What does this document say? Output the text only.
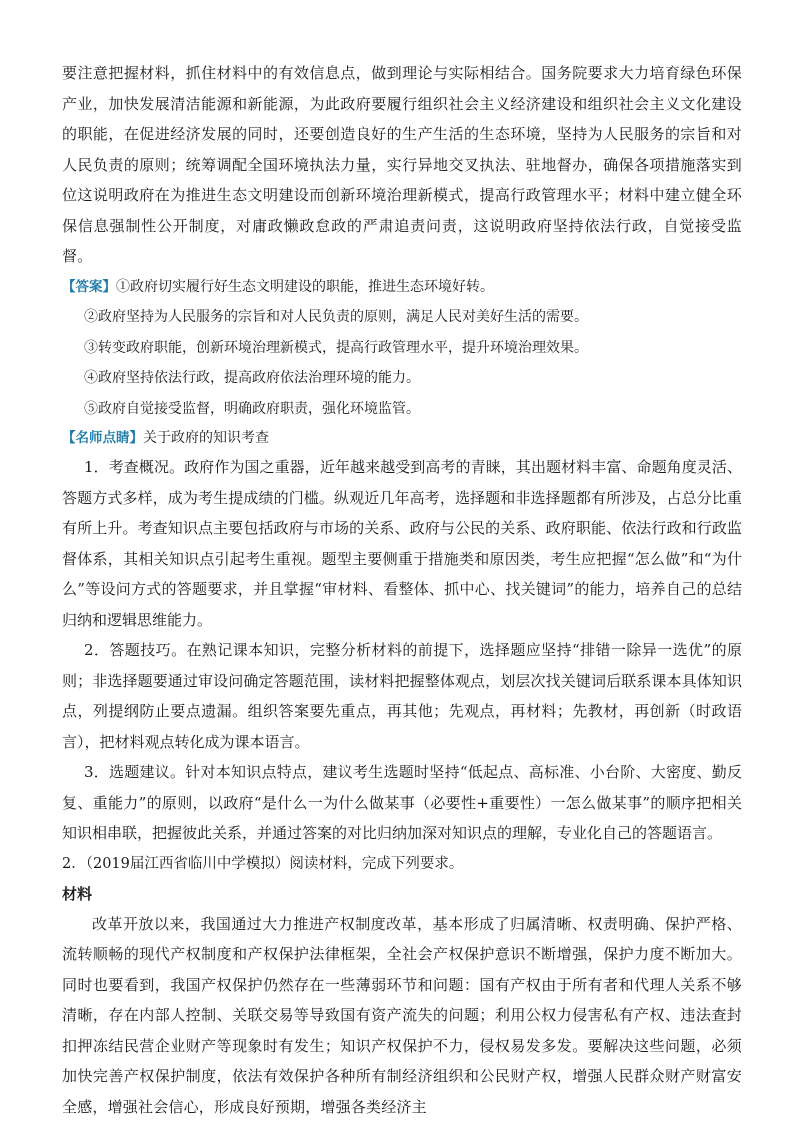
要注意把握材料，抓住材料中的有效信息点，做到理论与实际相结合。国务院要求大力培育绿色环保产业，加快发展清洁能源和新能源，为此政府要履行组织社会主义经济建设和组织社会主义文化建设的职能，在促进经济发展的同时，还要创造良好的生产生活的生态环境，坚持为人民服务的宗旨和对人民负责的原则；统筹调配全国环境执法力量，实行异地交叉执法、驻地督办，确保各项措施落实到位这说明政府在为推进生态文明建设而创新环境治理新模式，提高行政管理水平；材料中建立健全环保信息强制性公开制度，对庸政懒政怠政的严肃追责问责，这说明政府坚持依法行政，自觉接受监督。

【答案】①政府切实履行好生态文明建设的职能，推进生态环境好转。

②政府坚持为人民服务的宗旨和对人民负责的原则，满足人民对美好生活的需要。

③转变政府职能，创新环境治理新模式，提高行政管理水平，提升环境治理效果。

④政府坚持依法行政，提高政府依法治理环境的能力。

⑤政府自觉接受监督，明确政府职责，强化环境监管。

【名师点睛】关于政府的知识考查

1．考查概况。政府作为国之重器，近年越来越受到高考的青睐，其出题材料丰富、命题角度灵活、答题方式多样，成为考生提成绩的门槛。纵观近几年高考，选择题和非选择题都有所涉及，占总分比重有所上升。考查知识点主要包括政府与市场的关系、政府与公民的关系、政府职能、依法行政和行政监督体系，其相关知识点引起考生重视。题型主要侧重于措施类和原因类，考生应把握“怎么做”和“为什么”等设问方式的答题要求，并且掌握“审材料、看整体、抓中心、找关键词”的能力，培养自己的总结归纳和逻辑思维能力。

2．答题技巧。在熟记课本知识，完整分析材料的前提下，选择题应坚持“排错一除异一选优”的原则；非选择题要通过审设问确定答题范围，读材料把握整体观点，划层次找关键词后联系课本具体知识点，列提纲防止要点遗漏。组织答案要先重点，再其他；先观点，再材料；先教材，再创新（时政语言），把材料观点转化成为课本语言。

3．选题建议。针对本知识点特点，建议考生选题时坚持“低起点、高标准、小台阶、大密度、勤反复、重能力”的原则，以政府“是什么一为什么做某事（必要性+重要性）一怎么做某事”的顺序把相关知识相串联，把握彼此关系，并通过答案的对比归纳加深对知识点的理解，专业化自己的答题语言。

2．（2019届江西省临川中学模拟）阅读材料，完成下列要求。

材料

改革开放以来，我国通过大力推进产权制度改革，基本形成了归属清晰、权责明确、保护严格、流转顺畅的现代产权制度和产权保护法律框架，全社会产权保护意识不断增强，保护力度不断加大。同时也要看到，我国产权保护仍然存在一些薄弱环节和问题：国有产权由于所有者和代理人关系不够清晰，存在内部人控制、关联交易等导致国有资产流失的问题；利用公权力侵害私有产权、违法查封扣押冻结民营企业财产等现象时有发生；知识产权保护不力，侵权易发多发。要解决这些问题，必须加快完善产权保护制度，依法有效保护各种所有制经济组织和公民财产权，增强人民群众财产财富安全感，增强社会信心，形成良好预期，增强各类经济主
